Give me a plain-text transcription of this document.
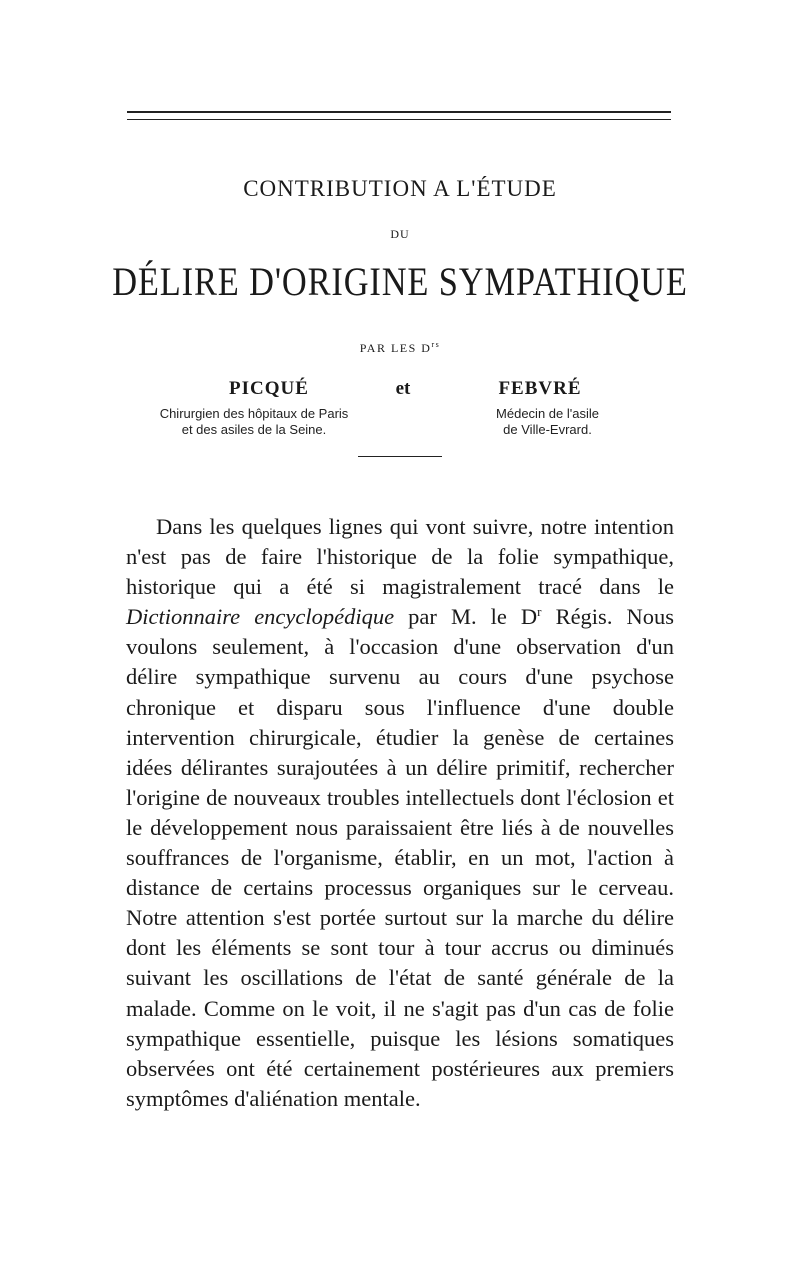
CONTRIBUTION A L'ÉTUDE
DU
DÉLIRE D'ORIGINE SYMPATHIQUE
PAR LES $D^{rs}$
PICQUÉ	et	FEBVRÉ
Chirurgien des hôpitaux de Paris
et des asiles de la Seine.
Médecin de l'asile
de Ville-Evrard.
Dans les quelques lignes qui vont suivre, notre intention n'est pas de faire l'historique de la folie sympathique, historique qui a été si magistralement tracé dans le Dictionnaire encyclopédique par M. le $D^r$ Régis. Nous voulons seulement, à l'occasion d'une observation d'un délire sympathique survenu au cours d'une psychose chronique et disparu sous l'influence d'une double intervention chirurgicale, étudier la genèse de certaines idées délirantes surajoutées à un délire primitif, rechercher l'origine de nouveaux troubles intellectuels dont l'éclosion et le développement nous paraissaient être liés à de nouvelles souffrances de l'organisme, établir, en un mot, l'action à distance de certains processus organiques sur le cerveau. Notre attention s'est portée surtout sur la marche du délire dont les éléments se sont tour à tour accrus ou diminués suivant les oscillations de l'état de santé générale de la malade. Comme on le voit, il ne s'agit pas d'un cas de folie sympathique essentielle, puisque les lésions somatiques observées ont été certainement postérieures aux premiers symptômes d'aliénation mentale.
